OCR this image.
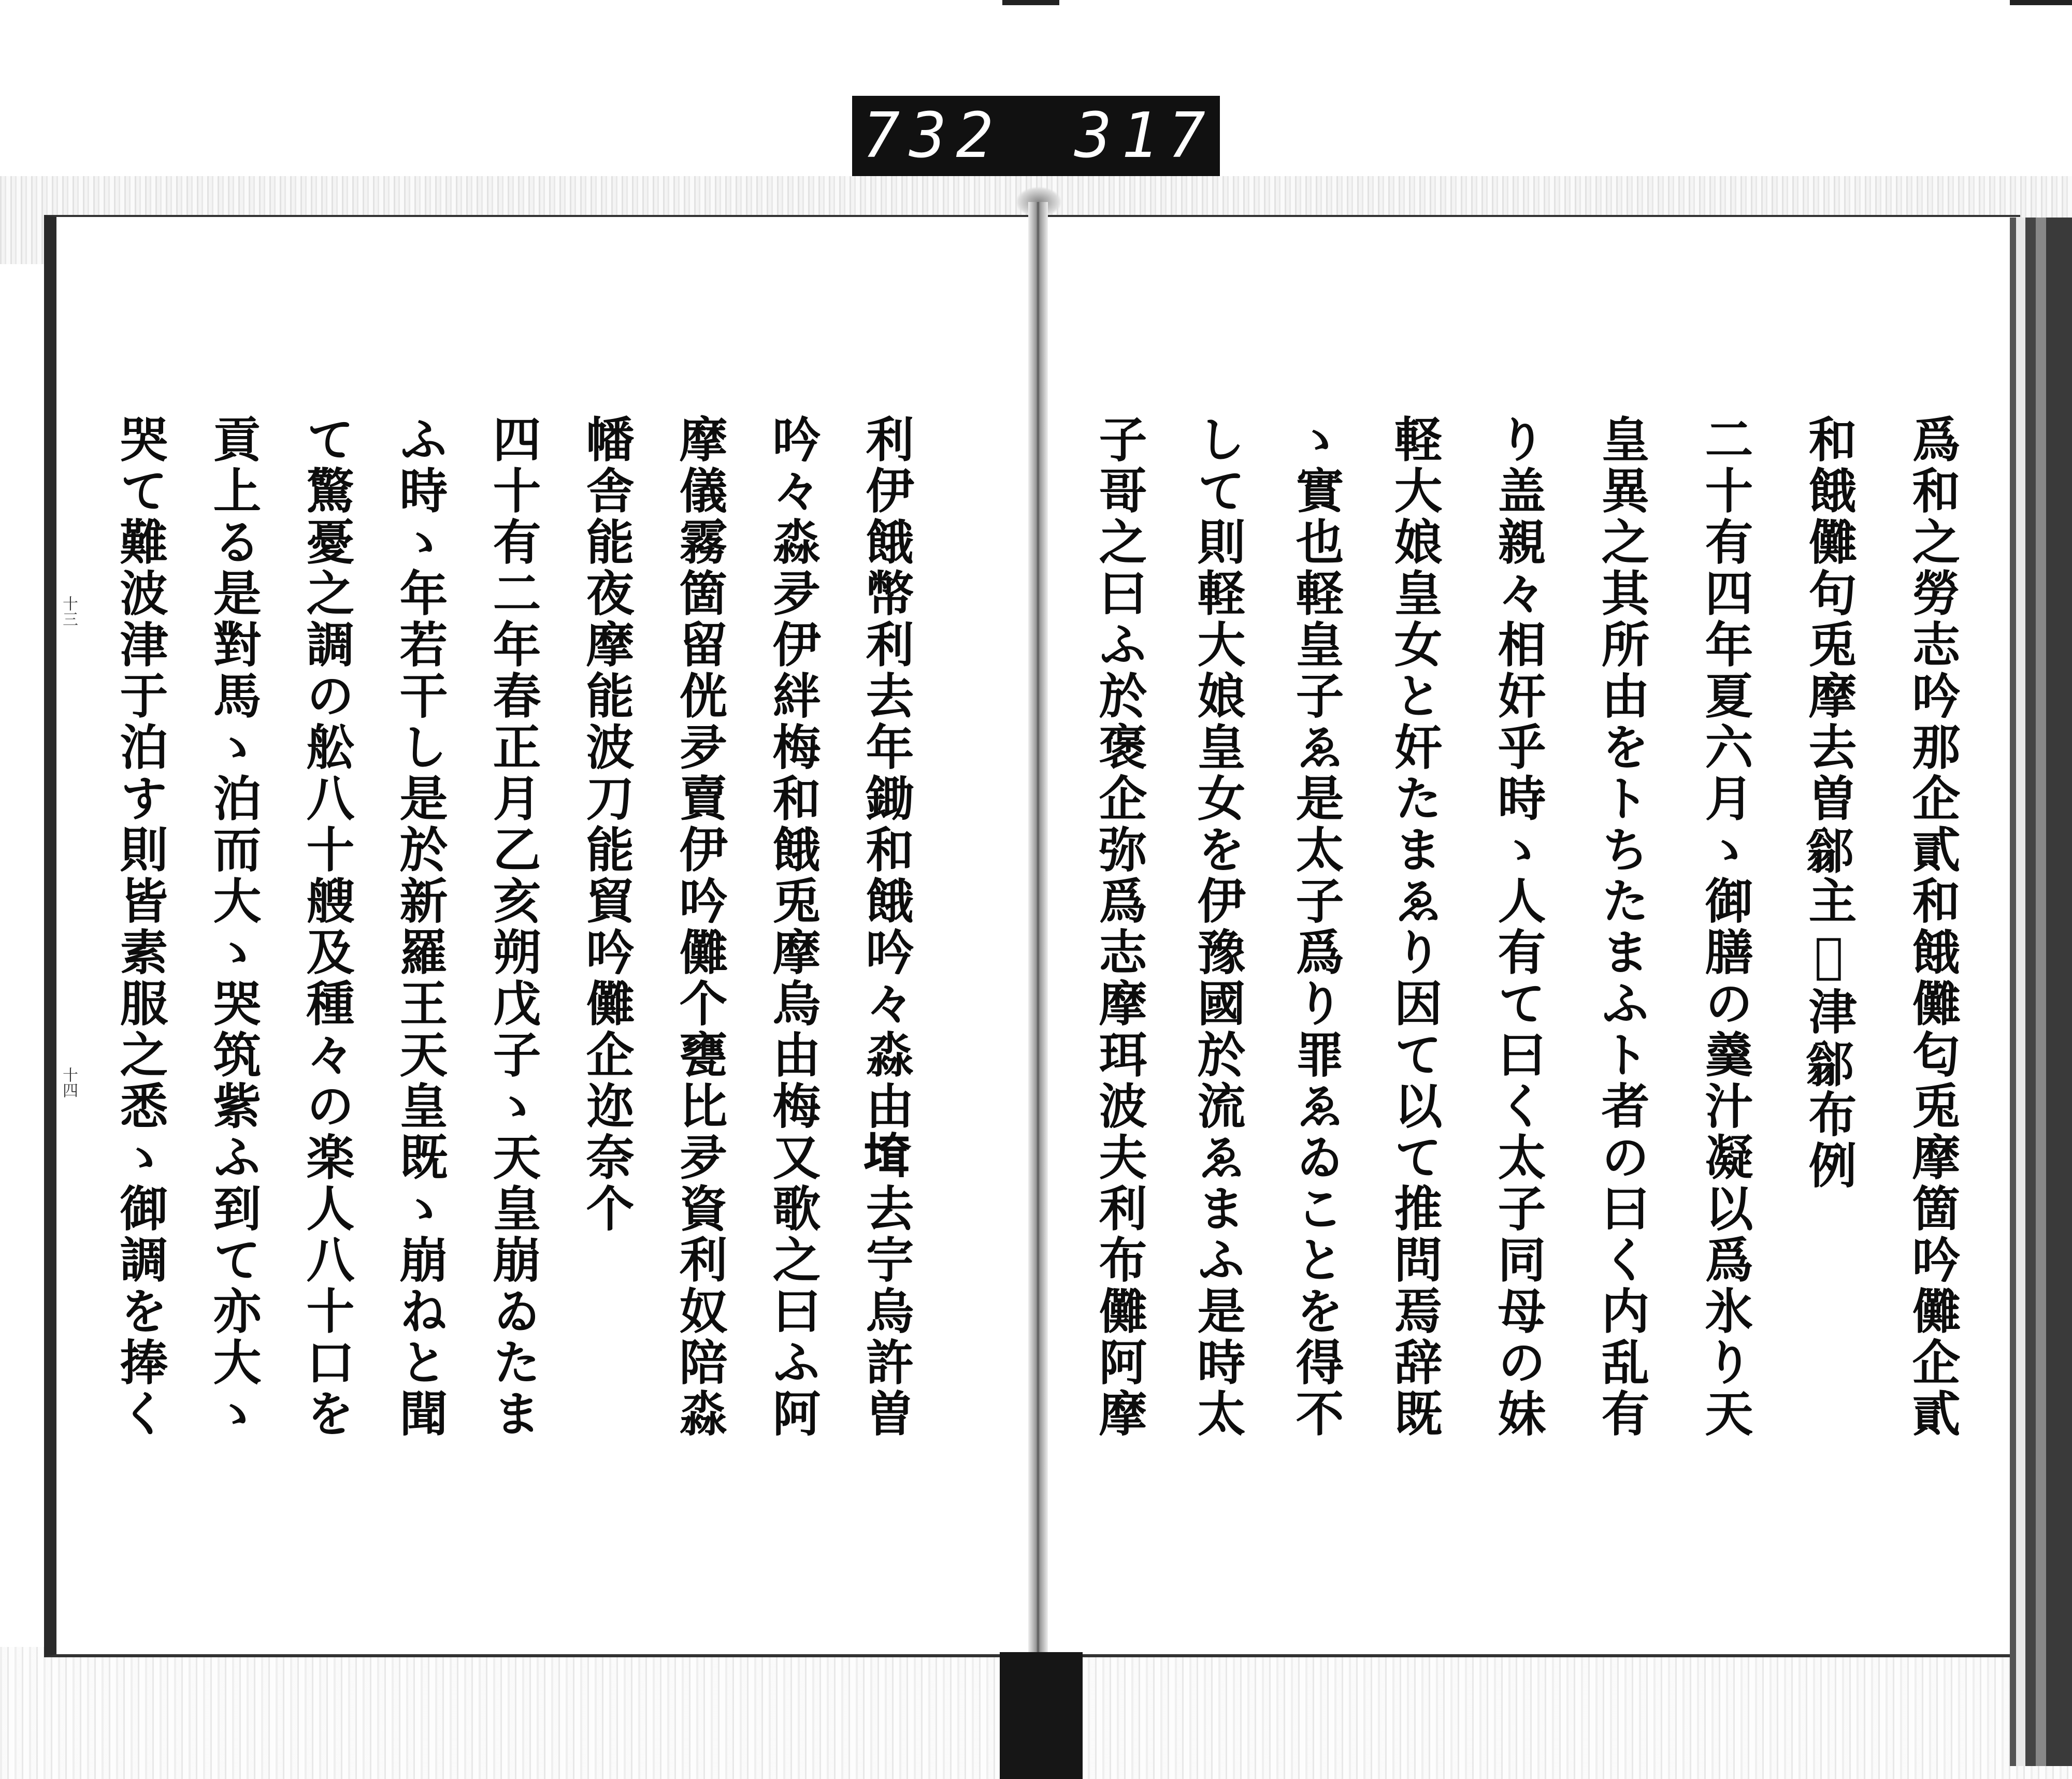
732 317
十三
十四	爲和之勞志吟那企貳和餓儺匂兎摩箇吟儺企貳
和餓儺句兎摩去曽𨜺主𢀳津𨜺布例
二十有四年夏六月ゝ御膳の羹汁凝以爲氷り天
皇異之其所由をトちたまふト者の曰く内乱有
り盖親々相奸乎時ゝ人有て曰く太子同母の妹
軽大娘皇女と奸たまゑり因て以て推問焉辞既
ゝ實也軽皇子ゑ是太子爲り罪ゑゐことを得不
して則軽大娘皇女を伊豫國於流ゑまふ是時太
子哥之曰ふ於褒企弥爲志摩珥波夫利布儺阿摩
利伊餓幣利去年鋤和餓吟々淼由𡍲去𡧃烏許曽
吟々淼夛伊絆梅和餓兎摩烏由梅又歌之曰ふ阿
摩儀霧箇留侊夛賣伊吟儺个甕比夛資利奴陪淼
幡舎能夜摩能波刀能貿吟儺企迩奈个
四十有二年春正月乙亥朔戊子ゝ天皇崩ゐたま
ふ時ゝ年若干し是於新羅王天皇既ゝ崩ねと聞
て驚憂之調の舩八十艘及種々の楽人八十口を
貢上る是對馬ゝ泊而大ゝ哭筑紫ふ到て亦大ゝ
哭て難波津于泊す則皆素服之悉ゝ御調を捧く
